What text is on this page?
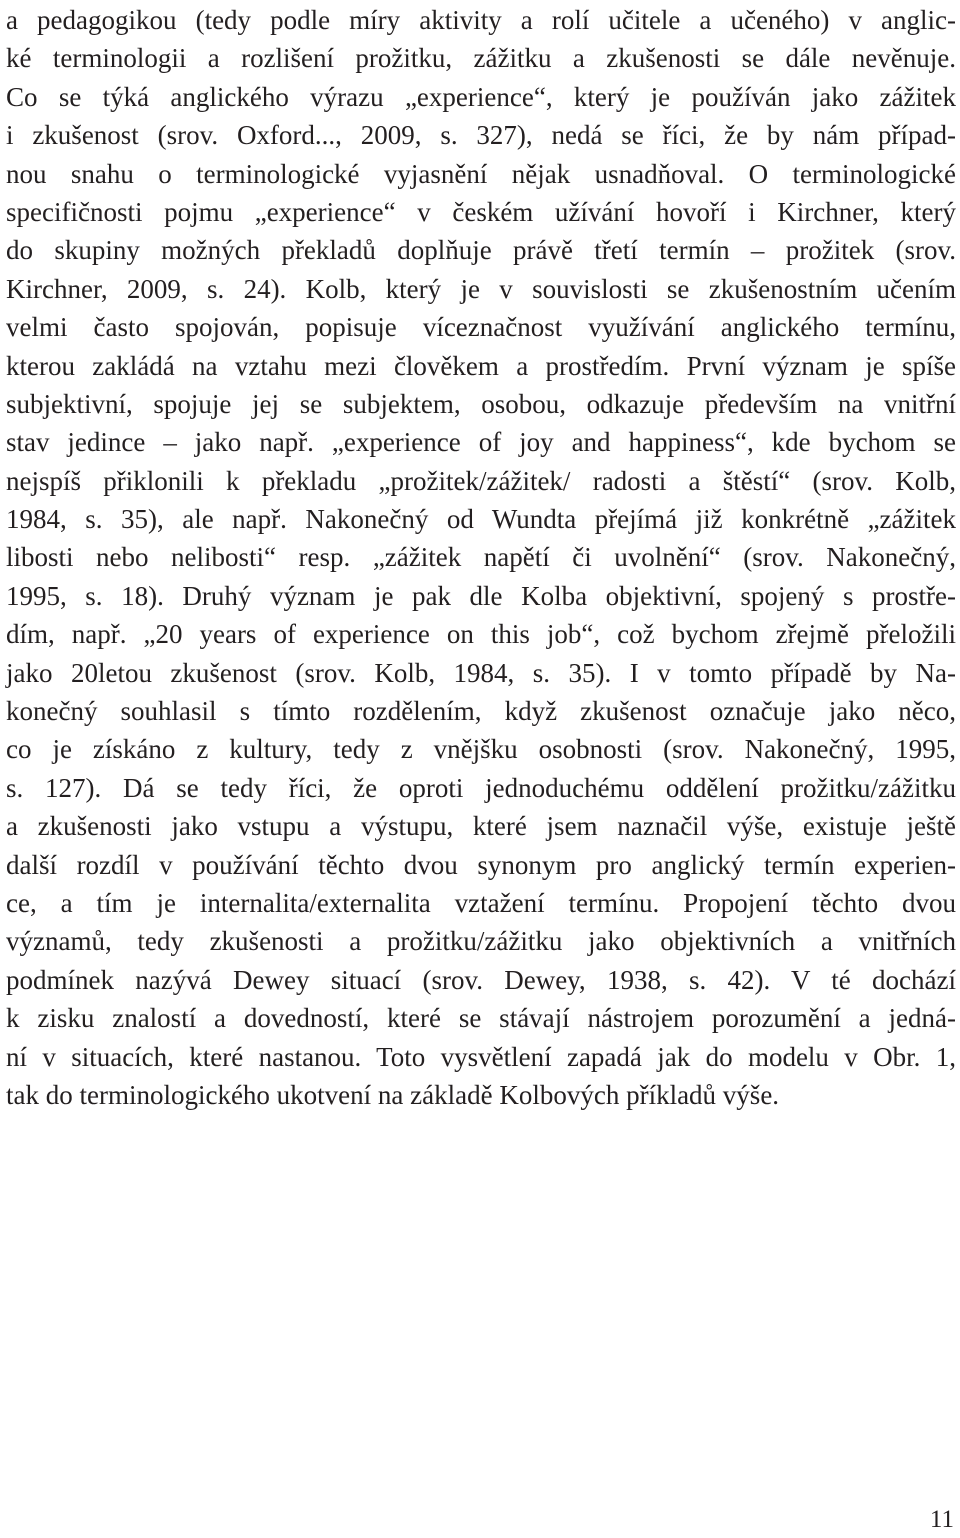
a pedagogikou (tedy podle míry aktivity a rolí učitele a učeného) v anglic-
ké terminologii a rozlišení prožitku, zážitku a zkušenosti se dále nevěnuje.
Co se týká anglického výrazu „experience“, který je používán jako zážitek
i zkušenost (srov. Oxford..., 2009, s. 327), nedá se říci, že by nám případ-
nou snahu o terminologické vyjasnění nějak usnadňoval. O terminologické
specifičnosti pojmu „experience“ v českém užívání hovoří i Kirchner, který
do skupiny možných překladů doplňuje právě třetí termín – prožitek (srov.
Kirchner, 2009, s. 24). Kolb, který je v souvislosti se zkušenostním učením
velmi často spojován, popisuje víceznačnost využívání anglického termínu,
kterou zakládá na vztahu mezi člověkem a prostředím. První význam je spíše
subjektivní, spojuje jej se subjektem, osobou, odkazuje především na vnitřní
stav jedince – jako např. „experience of joy and happiness“, kde bychom se
nejspíš přiklonili k překladu „prožitek/zážitek/ radosti a štěstí“ (srov. Kolb,
1984, s. 35), ale např. Nakonečný od Wundta přejímá již konkrétně „zážitek
libosti nebo nelibosti“ resp. „zážitek napětí či uvolnění“ (srov. Nakonečný,
1995, s. 18). Druhý význam je pak dle Kolba objektivní, spojený s prostře-
dím, např. „20 years of experience on this job“, což bychom zřejmě přeložili
jako 20letou zkušenost (srov. Kolb, 1984, s. 35). I v tomto případě by Na-
konečný souhlasil s tímto rozdělením, když zkušenost označuje jako něco,
co je získáno z kultury, tedy z vnějšku osobnosti (srov. Nakonečný, 1995,
s. 127). Dá se tedy říci, že oproti jednoduchému oddělení prožitku/zážitku
a zkušenosti jako vstupu a výstupu, které jsem naznačil výše, existuje ještě
další rozdíl v používání těchto dvou synonym pro anglický termín experien-
ce, a tím je internalita/externalita vztažení termínu. Propojení těchto dvou
významů, tedy zkušenosti a prožitku/zážitku jako objektivních a vnitřních
podmínek nazývá Dewey situací (srov. Dewey, 1938, s. 42). V té dochází
k zisku znalostí a dovedností, které se stávají nástrojem porozumění a jedná-
ní v situacích, které nastanou. Toto vysvětlení zapadá jak do modelu v Obr. 1,
tak do terminologického ukotvení na základě Kolbových příkladů výše.
11
